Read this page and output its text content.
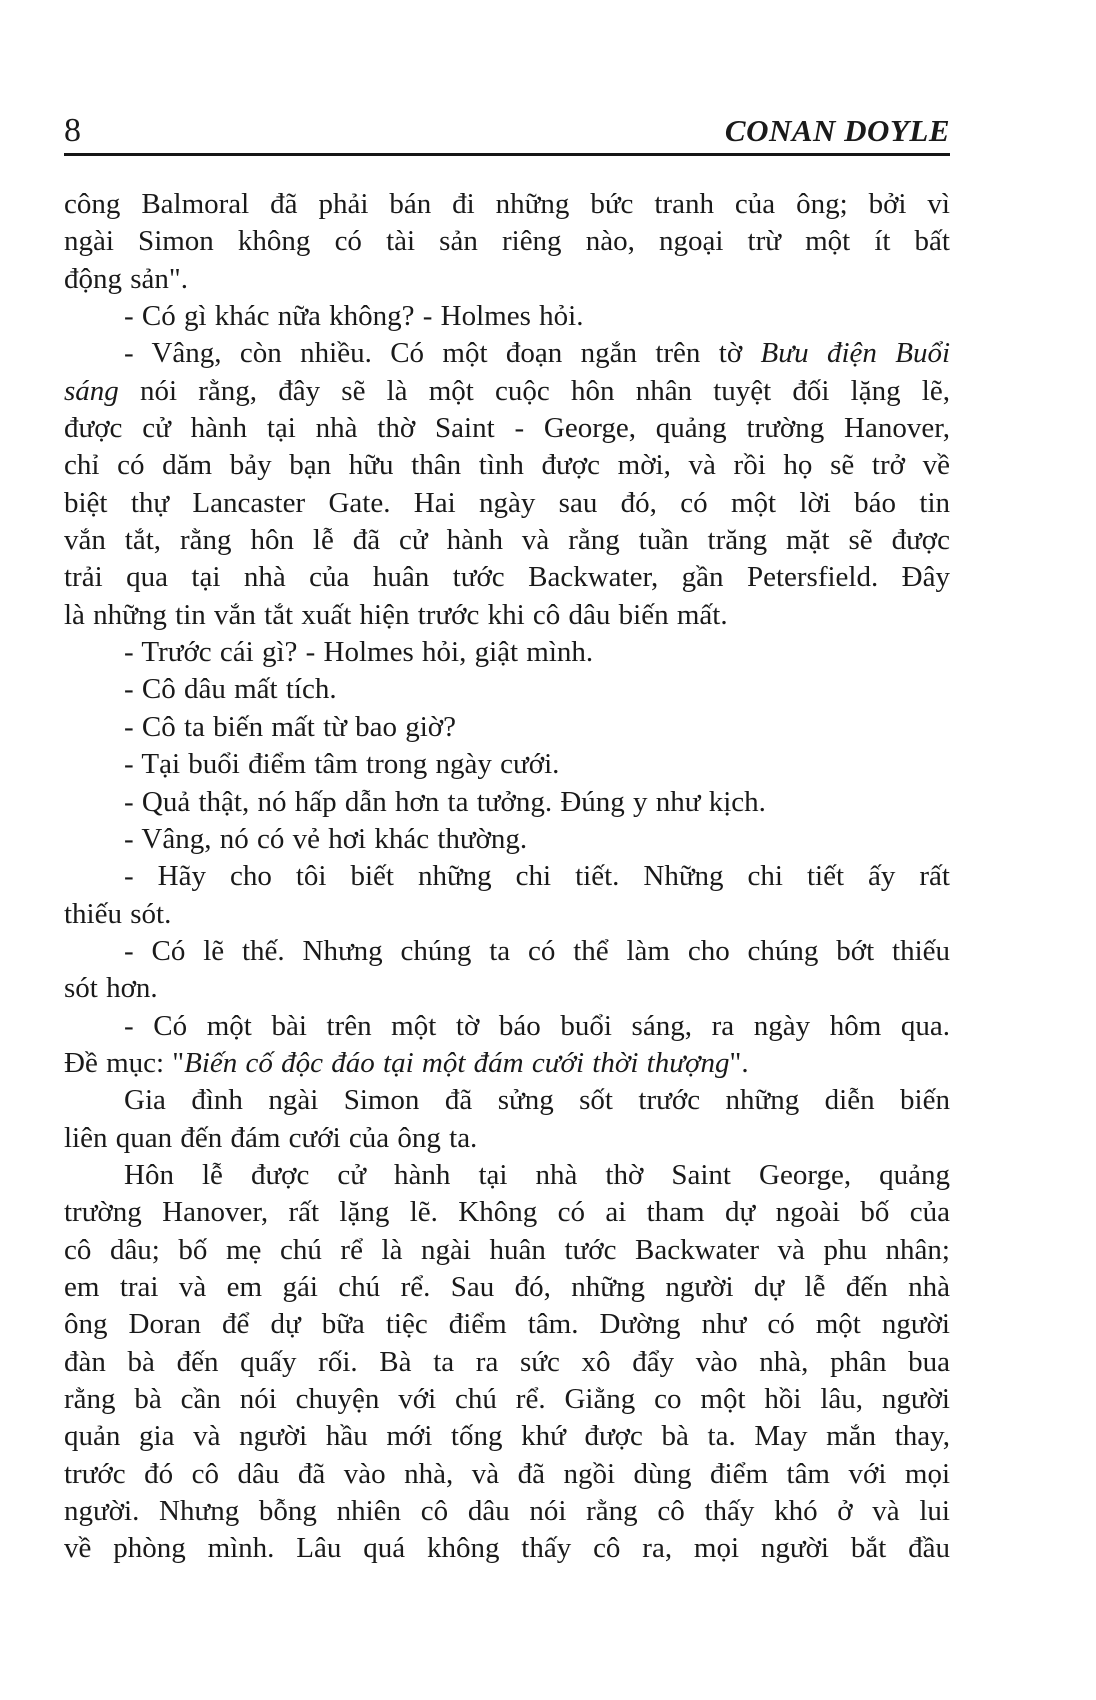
8	CONAN DOYLE
công Balmoral đã phải bán đi những bức tranh của ông; bởi vì
ngài Simon không có tài sản riêng nào, ngoại trừ một ít bất
động sản".
- Có gì khác nữa không? - Holmes hỏi.
- Vâng, còn nhiều. Có một đoạn ngắn trên tờ Bưu điện Buổi
sáng nói rằng, đây sẽ là một cuộc hôn nhân tuyệt đối lặng lẽ,
được cử hành tại nhà thờ Saint - George, quảng trường Hanover,
chỉ có dăm bảy bạn hữu thân tình được mời, và rồi họ sẽ trở về
biệt thự Lancaster Gate. Hai ngày sau đó, có một lời báo tin
vắn tắt, rằng hôn lễ đã cử hành và rằng tuần trăng mặt sẽ được
trải qua tại nhà của huân tước Backwater, gần Petersfield. Đây
là những tin vắn tắt xuất hiện trước khi cô dâu biến mất.
- Trước cái gì? - Holmes hỏi, giật mình.
- Cô dâu mất tích.
- Cô ta biến mất từ bao giờ?
- Tại buổi điểm tâm trong ngày cưới.
- Quả thật, nó hấp dẫn hơn ta tưởng. Đúng y như kịch.
- Vâng, nó có vẻ hơi khác thường.
- Hãy cho tôi biết những chi tiết. Những chi tiết ấy rất
thiếu sót.
- Có lẽ thế. Nhưng chúng ta có thể làm cho chúng bớt thiếu
sót hơn.
- Có một bài trên một tờ báo buổi sáng, ra ngày hôm qua.
Đề mục: "Biến cố độc đáo tại một đám cưới thời thượng".
Gia đình ngài Simon đã sửng sốt trước những diễn biến
liên quan đến đám cưới của ông ta.
Hôn lễ được cử hành tại nhà thờ Saint George, quảng
trường Hanover, rất lặng lẽ. Không có ai tham dự ngoài bố của
cô dâu; bố mẹ chú rể là ngài huân tước Backwater và phu nhân;
em trai và em gái chú rể. Sau đó, những người dự lễ đến nhà
ông Doran để dự bữa tiệc điểm tâm. Dường như có một người
đàn bà đến quấy rối. Bà ta ra sức xô đẩy vào nhà, phân bua
rằng bà cần nói chuyện với chú rể. Giằng co một hồi lâu, người
quản gia và người hầu mới tống khứ được bà ta. May mắn thay,
trước đó cô dâu đã vào nhà, và đã ngồi dùng điểm tâm với mọi
người. Nhưng bỗng nhiên cô dâu nói rằng cô thấy khó ở và lui
về phòng mình. Lâu quá không thấy cô ra, mọi người bắt đầu
